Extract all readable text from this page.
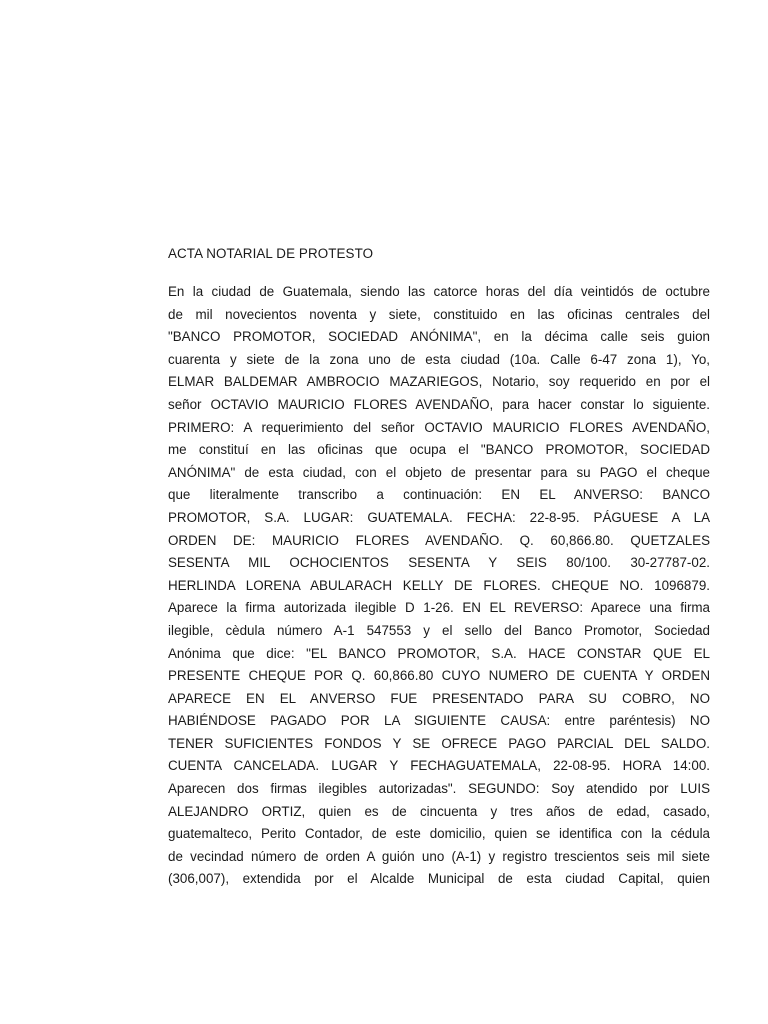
ACTA NOTARIAL DE PROTESTO
En la ciudad de Guatemala, siendo las catorce horas del día veintidós de octubre
de mil novecientos noventa y siete, constituido en las oficinas centrales del
"BANCO PROMOTOR, SOCIEDAD ANÓNIMA", en la décima calle seis guion
cuarenta y siete de la zona uno de esta ciudad (10a. Calle 6-47 zona 1), Yo,
ELMAR BALDEMAR AMBROCIO MAZARIEGOS, Notario, soy requerido en por el
señor OCTAVIO MAURICIO FLORES AVENDAÑO, para hacer constar lo siguiente.
PRIMERO: A requerimiento del señor OCTAVIO MAURICIO FLORES AVENDAÑO,
me constituí en las oficinas que ocupa el "BANCO PROMOTOR, SOCIEDAD
ANÓNIMA" de esta ciudad, con el objeto de presentar para su PAGO el cheque
que literalmente transcribo a continuación: EN EL ANVERSO: BANCO
PROMOTOR, S.A. LUGAR: GUATEMALA. FECHA: 22-8-95. PÁGUESE A LA
ORDEN DE: MAURICIO FLORES AVENDAÑO. Q. 60,866.80. QUETZALES
SESENTA MIL OCHOCIENTOS SESENTA Y SEIS 80/100. 30-27787-02.
HERLINDA LORENA ABULARACH KELLY DE FLORES. CHEQUE NO. 1096879.
Aparece la firma autorizada ilegible D 1-26. EN EL REVERSO: Aparece una firma
ilegible, cèdula número A-1 547553 y el sello del Banco Promotor, Sociedad
Anónima que dice: "EL BANCO PROMOTOR, S.A. HACE CONSTAR QUE EL
PRESENTE CHEQUE POR Q. 60,866.80 CUYO NUMERO DE CUENTA Y ORDEN
APARECE EN EL ANVERSO FUE PRESENTADO PARA SU COBRO, NO
HABIÉNDOSE PAGADO POR LA SIGUIENTE CAUSA: entre paréntesis) NO
TENER SUFICIENTES FONDOS Y SE OFRECE PAGO PARCIAL DEL SALDO.
CUENTA CANCELADA. LUGAR Y FECHAGUATEMALA, 22-08-95. HORA 14:00.
Aparecen dos firmas ilegibles autorizadas". SEGUNDO: Soy atendido por LUIS
ALEJANDRO ORTIZ, quien es de cincuenta y tres años de edad, casado,
guatemalteco, Perito Contador, de este domicilio, quien se identifica con la cédula
de vecindad número de orden A guión uno (A-1) y registro trescientos seis mil siete
(306,007), extendida por el Alcalde Municipal de esta ciudad Capital, quien
